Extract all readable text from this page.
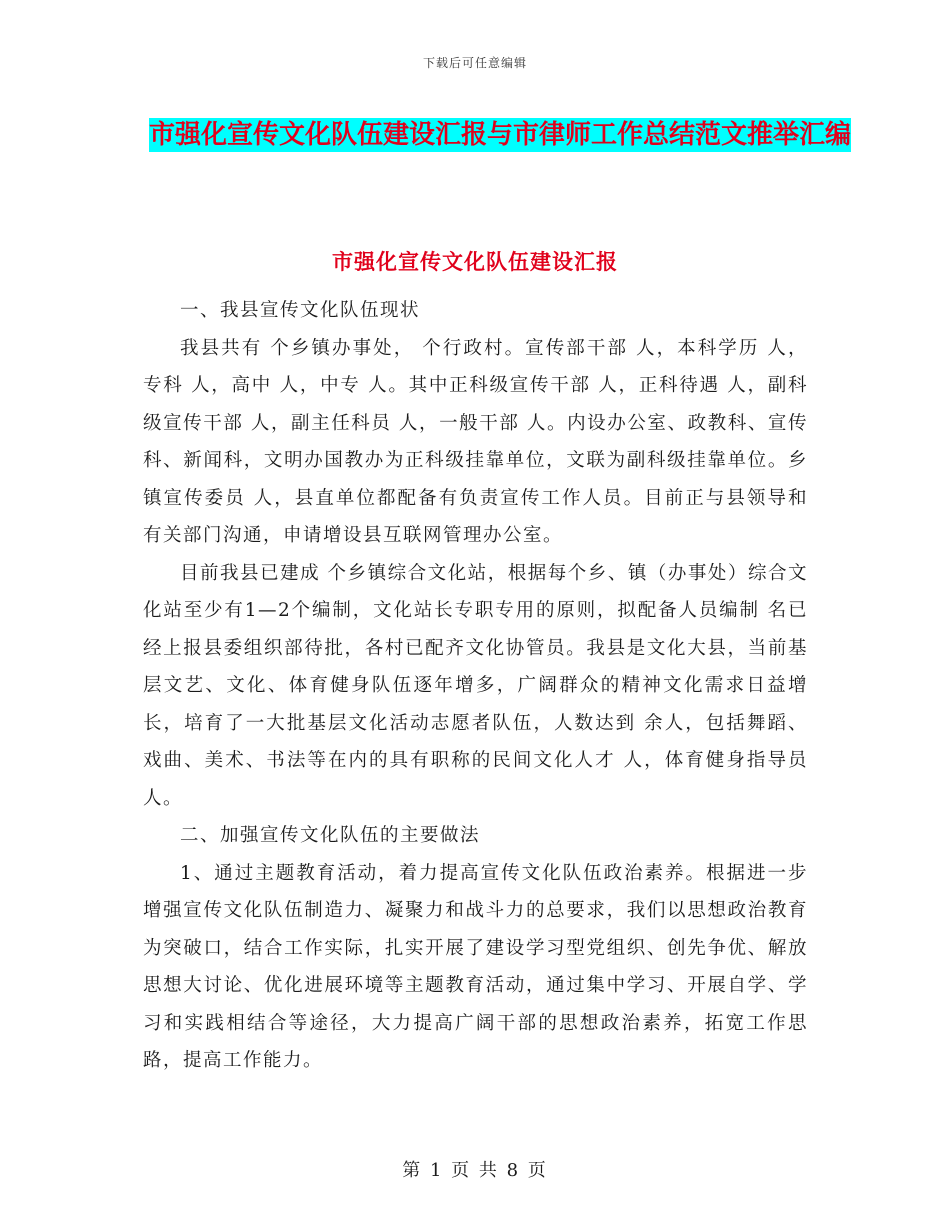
下载后可任意编辑
市强化宣传文化队伍建设汇报与市律师工作总结范文推举汇编
市强化宣传文化队伍建设汇报

一、我县宣传文化队伍现状

我县共有 个乡镇办事处， 个行政村。宣传部干部 人，本科学历 人，专科 人，高中 人，中专 人。其中正科级宣传干部 人，正科待遇 人，副科级宣传干部 人，副主任科员 人，一般干部 人。内设办公室、政教科、宣传科、新闻科，文明办国教办为正科级挂靠单位，文联为副科级挂靠单位。乡镇宣传委员 人，县直单位都配备有负责宣传工作人员。目前正与县领导和有关部门沟通，申请增设县互联网管理办公室。

目前我县已建成 个乡镇综合文化站，根据每个乡、镇（办事处）综合文化站至少有1—2个编制，文化站长专职专用的原则，拟配备人员编制 名已经上报县委组织部待批，各村已配齐文化协管员。我县是文化大县，当前基层文艺、文化、体育健身队伍逐年增多，广阔群众的精神文化需求日益增长，培育了一大批基层文化活动志愿者队伍，人数达到 余人，包括舞蹈、戏曲、美术、书法等在内的具有职称的民间文化人才 人，体育健身指导员 人。

二、加强宣传文化队伍的主要做法

1、通过主题教育活动，着力提高宣传文化队伍政治素养。根据进一步增强宣传文化队伍制造力、凝聚力和战斗力的总要求，我们以思想政治教育为突破口，结合工作实际，扎实开展了建设学习型党组织、创先争优、解放思想大讨论、优化进展环境等主题教育活动，通过集中学习、开展自学、学习和实践相结合等途径，大力提高广阔干部的思想政治素养，拓宽工作思路，提高工作能力。

第 1 页 共 8 页
